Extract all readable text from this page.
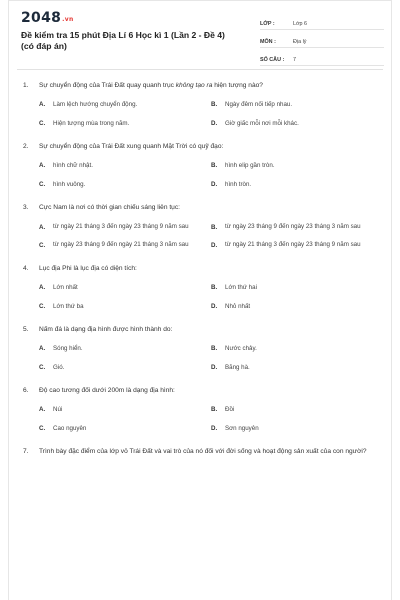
2048.vn
Đề kiểm tra 15 phút Địa Lí 6 Học kì 1 (Lần 2 - Đề 4) (có đáp án)
LỚP :	Lớp 6
MÔN :	Địa lý
SỐ CÂU :	7
1.	Sự chuyển động của Trái Đất quay quanh trục không tạo ra hiện tượng nào?
A.	Làm lệch hướng chuyển động.	B.	Ngày đêm nối tiếp nhau.
C.	Hiện tượng mùa trong năm.	D.	Giờ giấc mỗi nơi mỗi khác.
2.	Sự chuyển động của Trái Đất xung quanh Mặt Trời có quỹ đạo:
A.	hình chữ nhật.	B.	hình elip gần tròn.
C.	hình vuông.	D.	hình tròn.
3.	Cực Nam là nơi có thời gian chiếu sáng liên tục:
A.	từ ngày 21 tháng 3 đến ngày 23 tháng 9 năm sau	B.	từ ngày 23 tháng 9 đến ngày 23 tháng 3 năm sau
C.	từ ngày 23 tháng 9 đến ngày 21 tháng 3 năm sau	D.	từ ngày 21 tháng 3 đến ngày 23 tháng 9 năm sau
4.	Lục địa Phi là lục địa có diện tích:
A.	Lớn nhất	B.	Lớn thứ hai
C.	Lớn thứ ba	D.	Nhỏ nhất
5.	Nấm đá là dạng địa hình được hình thành do:
A.	Sóng hiển.	B.	Nước chảy.
C.	Gió.	D.	Băng hà.
6.	Độ cao tương đối dưới 200m là dạng địa hình:
A.	Núi	B.	Đồi
C.	Cao nguyên	D.	Sơn nguyên
7.	Trình bày đặc điểm của lớp vỏ Trái Đất và vai trò của nó đối với đời sống và hoạt động sản xuất của con người?
